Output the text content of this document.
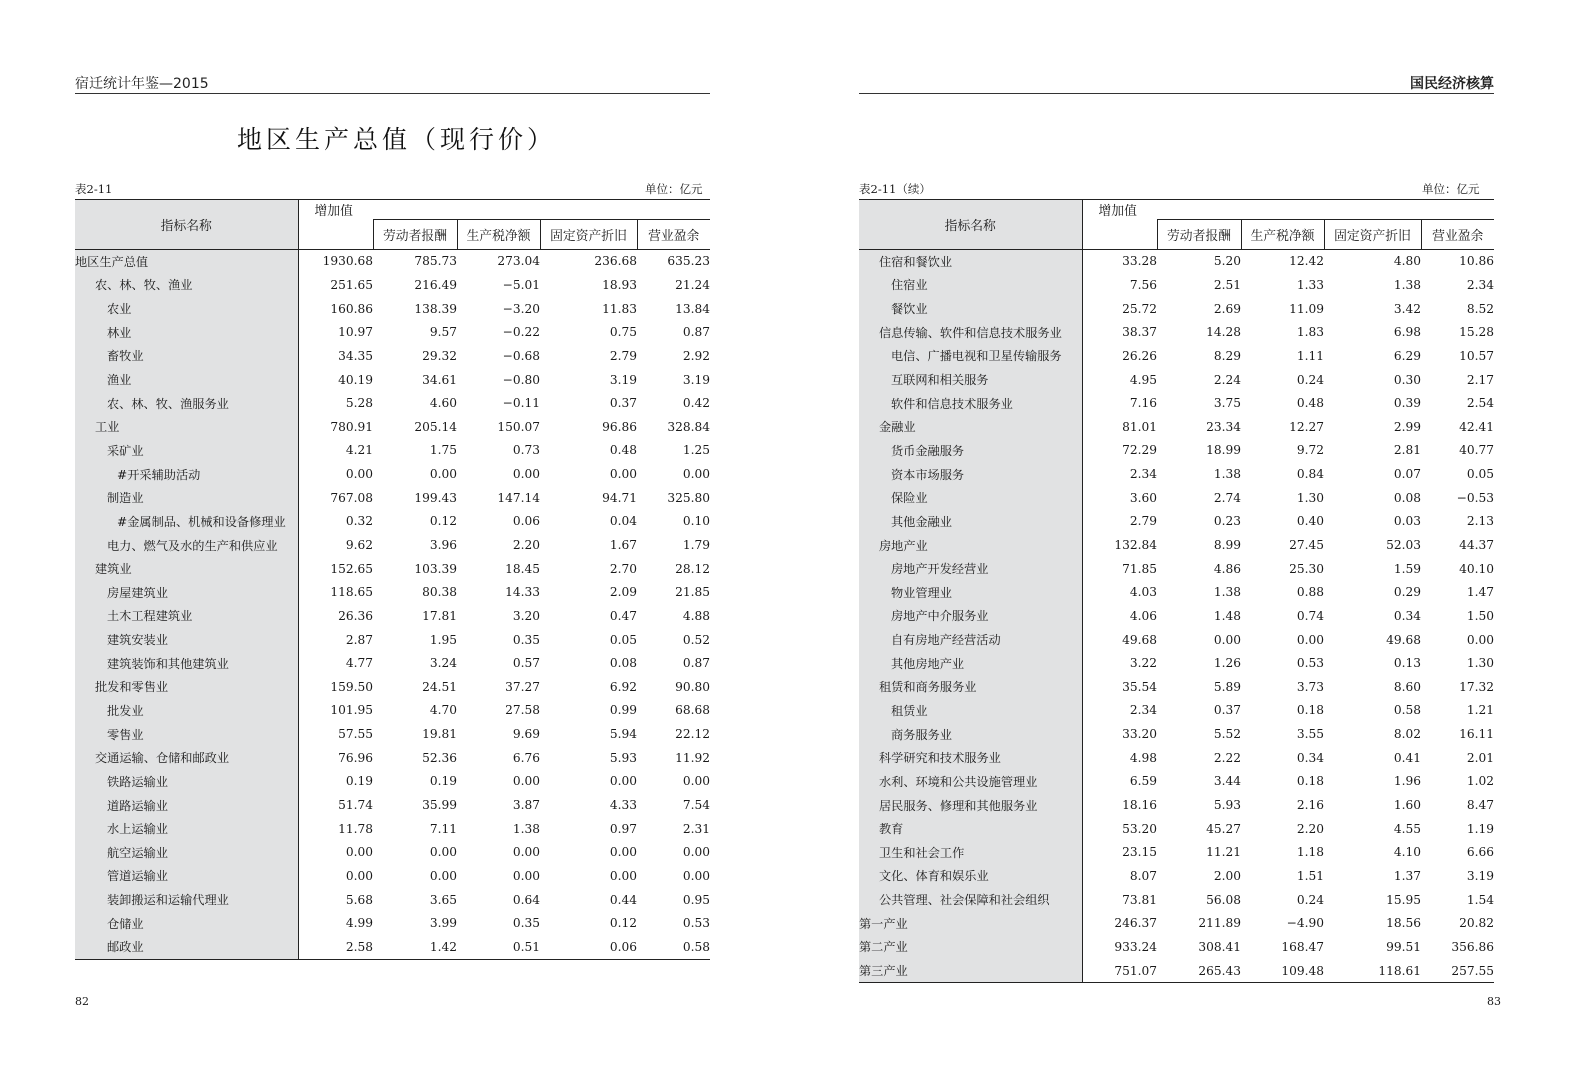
宿迁统计年鉴—2015
地区生产总值（现行价）
表2-11	单位：亿元
指标名称	增加值				
		劳动者报酬	生产税净额	固定资产折旧	营业盈余
地区生产总值	1930.68	785.73	273.04	236.68	635.23
农、林、牧、渔业	251.65	216.49	−5.01	18.93	21.24
农业	160.86	138.39	−3.20	11.83	13.84
林业	10.97	9.57	−0.22	0.75	0.87
畜牧业	34.35	29.32	−0.68	2.79	2.92
渔业	40.19	34.61	−0.80	3.19	3.19
农、林、牧、渔服务业	5.28	4.60	−0.11	0.37	0.42
工业	780.91	205.14	150.07	96.86	328.84
采矿业	4.21	1.75	0.73	0.48	1.25
#开采辅助活动	0.00	0.00	0.00	0.00	0.00
制造业	767.08	199.43	147.14	94.71	325.80
#金属制品、机械和设备修理业	0.32	0.12	0.06	0.04	0.10
电力、燃气及水的生产和供应业	9.62	3.96	2.20	1.67	1.79
建筑业	152.65	103.39	18.45	2.70	28.12
房屋建筑业	118.65	80.38	14.33	2.09	21.85
土木工程建筑业	26.36	17.81	3.20	0.47	4.88
建筑安装业	2.87	1.95	0.35	0.05	0.52
建筑装饰和其他建筑业	4.77	3.24	0.57	0.08	0.87
批发和零售业	159.50	24.51	37.27	6.92	90.80
批发业	101.95	4.70	27.58	0.99	68.68
零售业	57.55	19.81	9.69	5.94	22.12
交通运输、仓储和邮政业	76.96	52.36	6.76	5.93	11.92
铁路运输业	0.19	0.19	0.00	0.00	0.00
道路运输业	51.74	35.99	3.87	4.33	7.54
水上运输业	11.78	7.11	1.38	0.97	2.31
航空运输业	0.00	0.00	0.00	0.00	0.00
管道运输业	0.00	0.00	0.00	0.00	0.00
装卸搬运和运输代理业	5.68	3.65	0.64	0.44	0.95
仓储业	4.99	3.99	0.35	0.12	0.53
邮政业	2.58	1.42	0.51	0.06	0.58
82
国民经济核算
表2-11（续）	单位：亿元
指标名称	增加值				
		劳动者报酬	生产税净额	固定资产折旧	营业盈余
住宿和餐饮业	33.28	5.20	12.42	4.80	10.86
住宿业	7.56	2.51	1.33	1.38	2.34
餐饮业	25.72	2.69	11.09	3.42	8.52
信息传输、软件和信息技术服务业	38.37	14.28	1.83	6.98	15.28
电信、广播电视和卫星传输服务	26.26	8.29	1.11	6.29	10.57
互联网和相关服务	4.95	2.24	0.24	0.30	2.17
软件和信息技术服务业	7.16	3.75	0.48	0.39	2.54
金融业	81.01	23.34	12.27	2.99	42.41
货币金融服务	72.29	18.99	9.72	2.81	40.77
资本市场服务	2.34	1.38	0.84	0.07	0.05
保险业	3.60	2.74	1.30	0.08	−0.53
其他金融业	2.79	0.23	0.40	0.03	2.13
房地产业	132.84	8.99	27.45	52.03	44.37
房地产开发经营业	71.85	4.86	25.30	1.59	40.10
物业管理业	4.03	1.38	0.88	0.29	1.47
房地产中介服务业	4.06	1.48	0.74	0.34	1.50
自有房地产经营活动	49.68	0.00	0.00	49.68	0.00
其他房地产业	3.22	1.26	0.53	0.13	1.30
租赁和商务服务业	35.54	5.89	3.73	8.60	17.32
租赁业	2.34	0.37	0.18	0.58	1.21
商务服务业	33.20	5.52	3.55	8.02	16.11
科学研究和技术服务业	4.98	2.22	0.34	0.41	2.01
水利、环境和公共设施管理业	6.59	3.44	0.18	1.96	1.02
居民服务、修理和其他服务业	18.16	5.93	2.16	1.60	8.47
教育	53.20	45.27	2.20	4.55	1.19
卫生和社会工作	23.15	11.21	1.18	4.10	6.66
文化、体育和娱乐业	8.07	2.00	1.51	1.37	3.19
公共管理、社会保障和社会组织	73.81	56.08	0.24	15.95	1.54
第一产业	246.37	211.89	−4.90	18.56	20.82
第二产业	933.24	308.41	168.47	99.51	356.86
第三产业	751.07	265.43	109.48	118.61	257.55
83
